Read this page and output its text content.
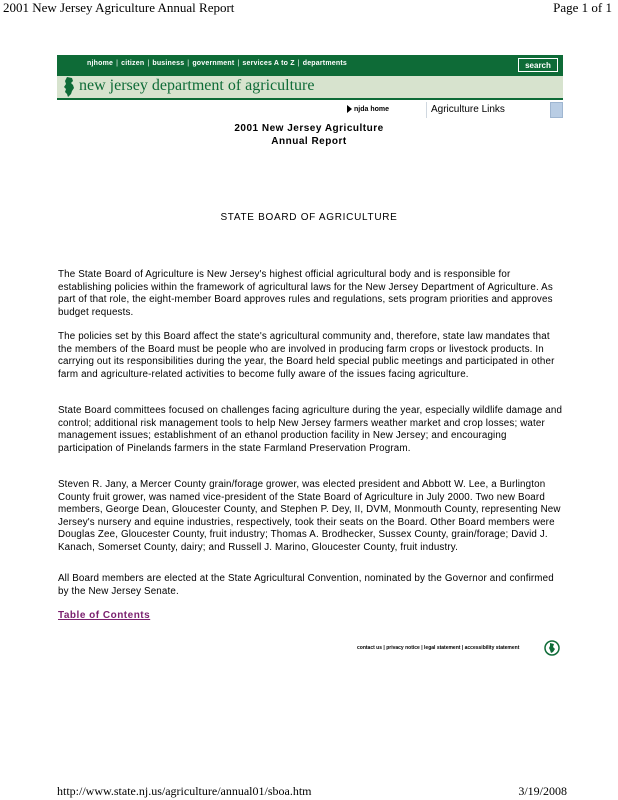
2001 New Jersey Agriculture Annual Report	Page 1 of 1
njhome | citizen | business | government | services A to Z | departments	search
new jersey department of agriculture
njda home	Agriculture Links
2001 New Jersey Agriculture
Annual Report
STATE BOARD OF AGRICULTURE

The State Board of Agriculture is New Jersey's highest official agricultural body and is responsible for establishing policies within the framework of agricultural laws for the New Jersey Department of Agriculture. As part of that role, the eight-member Board approves rules and regulations, sets program priorities and approves budget requests.

The policies set by this Board affect the state's agricultural community and, therefore, state law mandates that the members of the Board must be people who are involved in producing farm crops or livestock products. In carrying out its responsibilities during the year, the Board held special public meetings and participated in other farm and agriculture-related activities to become fully aware of the issues facing agriculture.

State Board committees focused on challenges facing agriculture during the year, especially wildlife damage and control; additional risk management tools to help New Jersey farmers weather market and crop losses; water management issues; establishment of an ethanol production facility in New Jersey; and encouraging participation of Pinelands farmers in the state Farmland Preservation Program.

Steven R. Jany, a Mercer County grain/forage grower, was elected president and Abbott W. Lee, a Burlington County fruit grower, was named vice-president of the State Board of Agriculture in July 2000. Two new Board members, George Dean, Gloucester County, and Stephen P. Dey, II, DVM, Monmouth County, representing New Jersey's nursery and equine industries, respectively, took their seats on the Board. Other Board members were Douglas Zee, Gloucester County, fruit industry; Thomas A. Brodhecker, Sussex County, grain/forage; David J. Kanach, Somerset County, dairy; and Russell J. Marino, Gloucester County, fruit industry.

All Board members are elected at the State Agricultural Convention, nominated by the Governor and confirmed by the New Jersey Senate.

Table of Contents
contact us | privacy notice | legal statement | accessibility statement
http://www.state.nj.us/agriculture/annual01/sboa.htm	3/19/2008
